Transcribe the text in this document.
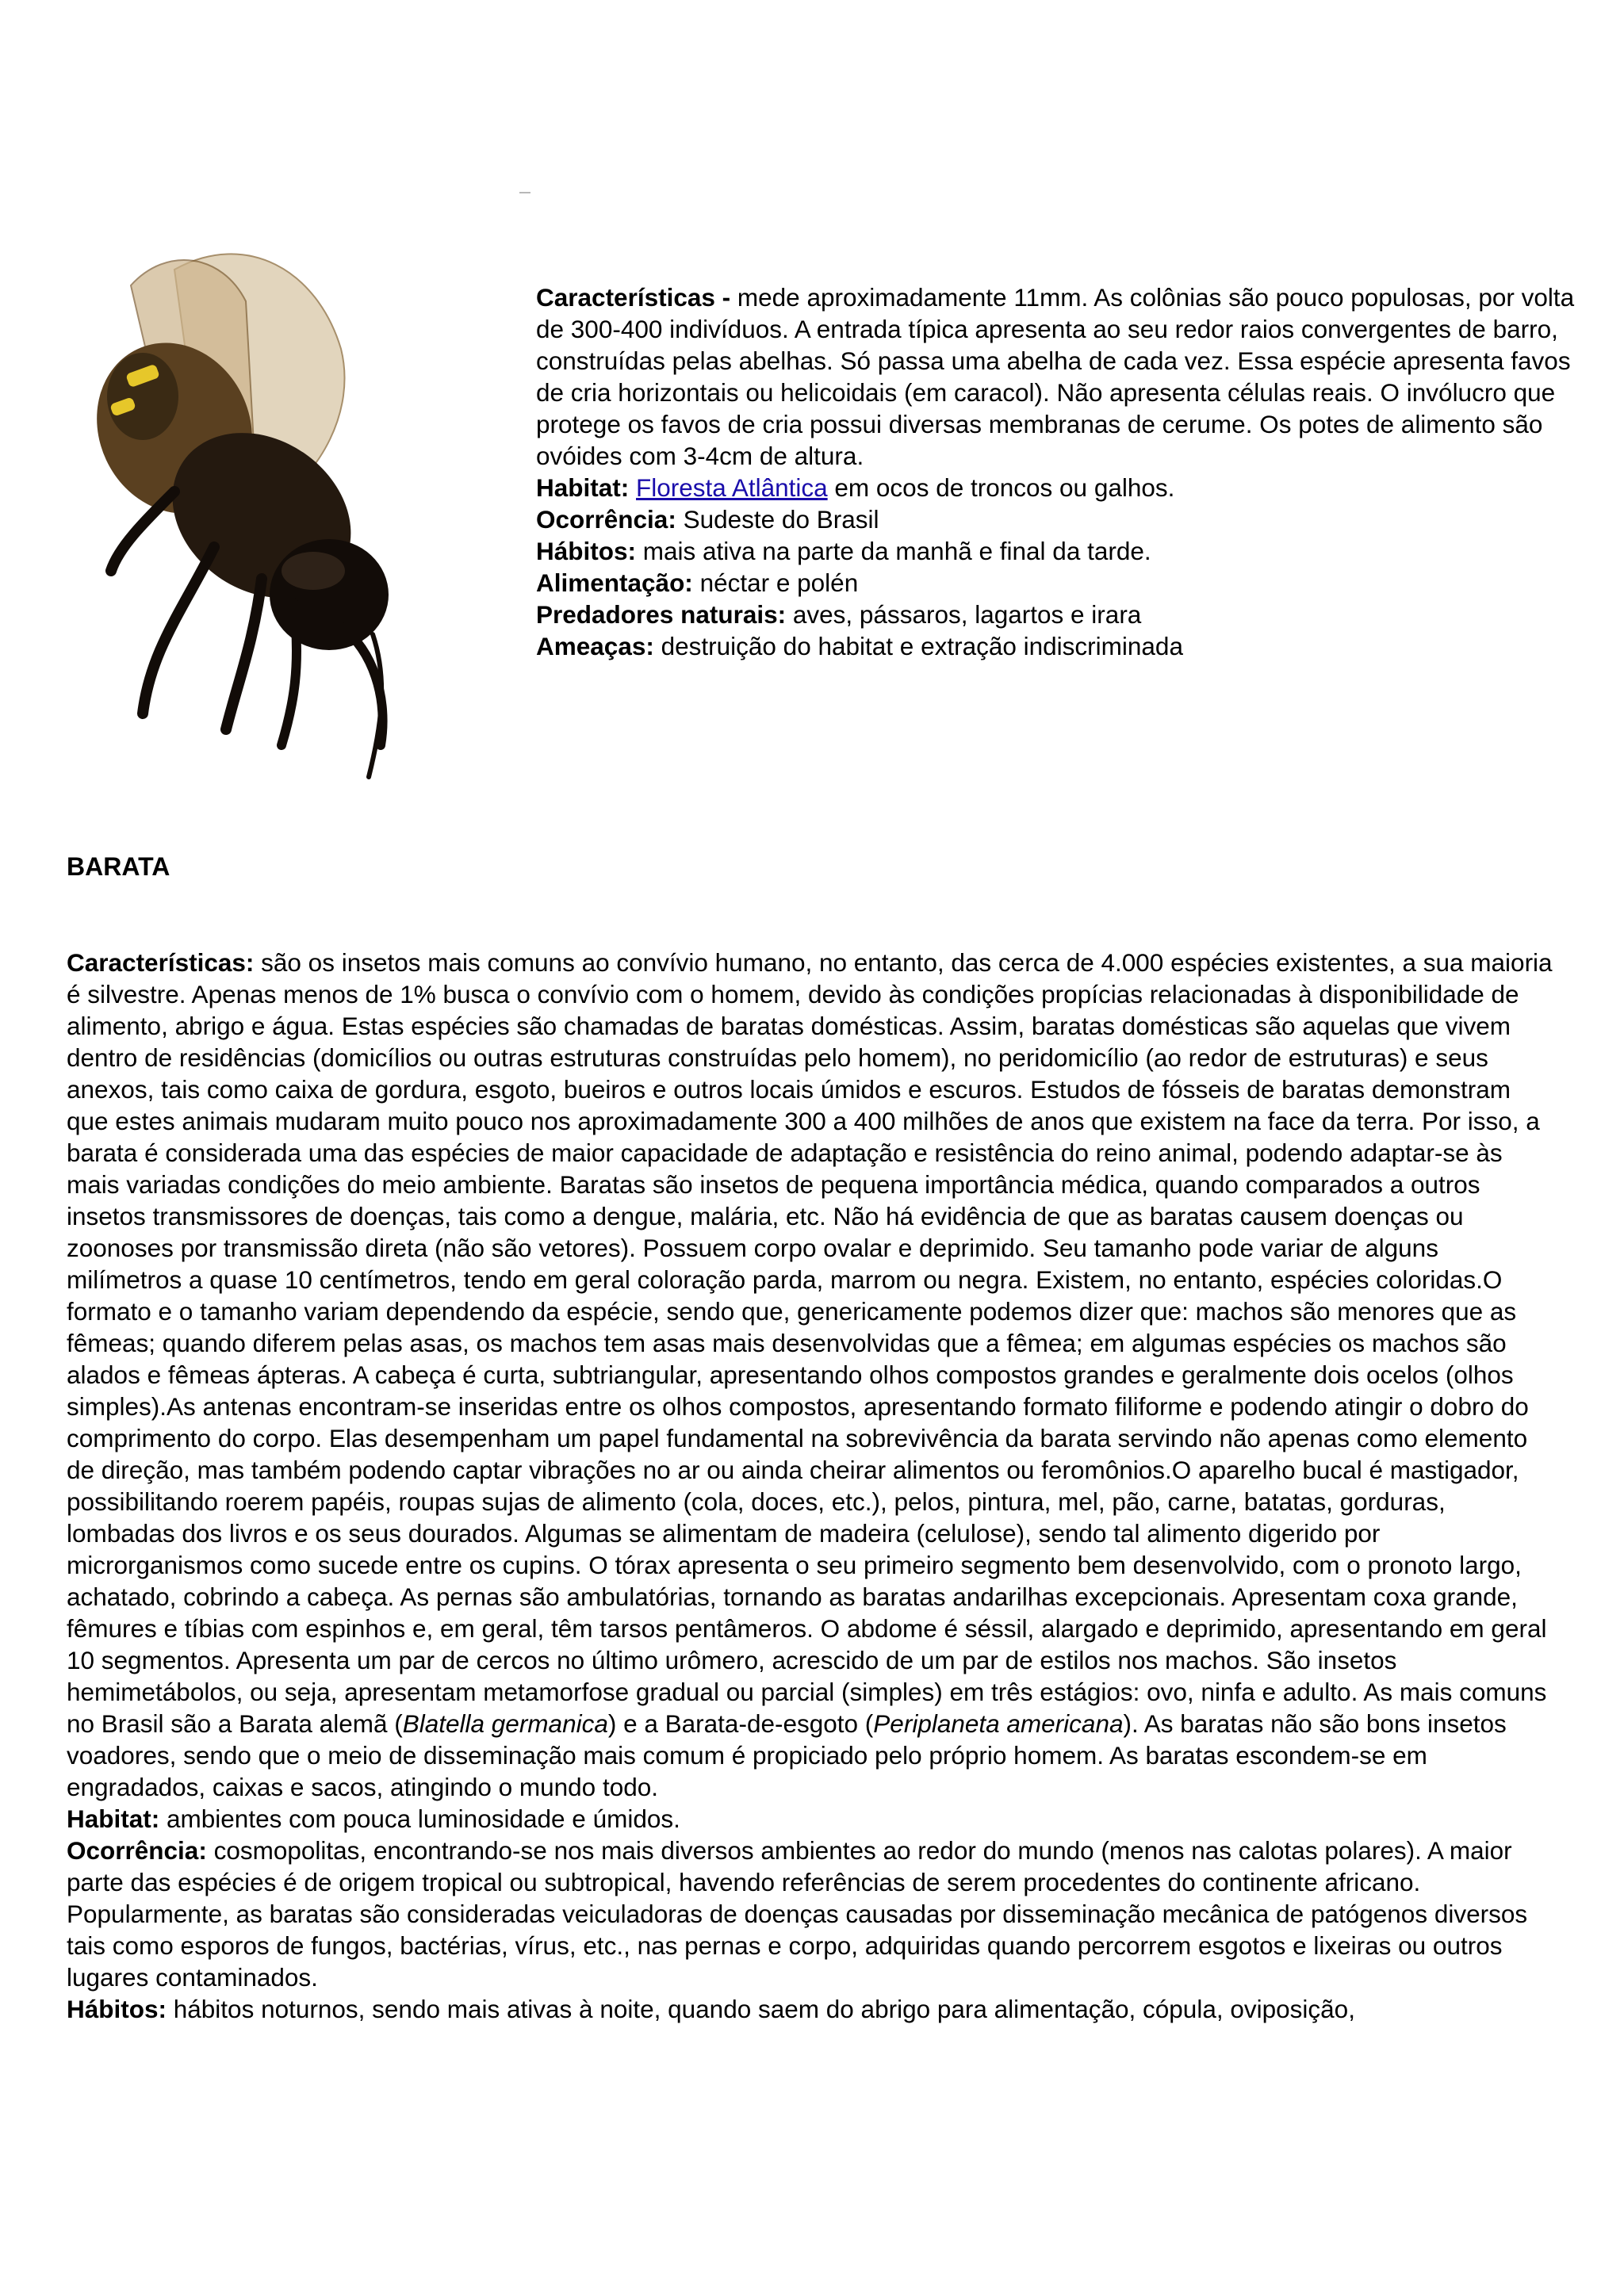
Características - mede aproximadamente 11mm. As colônias são pouco populosas, por volta de 300-400 indivíduos. A entrada típica apresenta ao seu redor raios convergentes de barro, construídas pelas abelhas. Só passa uma abelha de cada vez. Essa espécie apresenta favos de cria horizontais ou helicoidais (em caracol). Não apresenta células reais. O invólucro que protege os favos de cria possui diversas membranas de cerume. Os potes de alimento são ovóides com 3-4cm de altura.

Habitat: Floresta Atlântica em ocos de troncos ou galhos.

Ocorrência: Sudeste do Brasil

Hábitos: mais ativa na parte da manhã e final da tarde.

Alimentação: néctar e polén

Predadores naturais: aves, pássaros, lagartos e irara

Ameaças: destruição do habitat e extração indiscriminada

BARATA

Características: são os insetos mais comuns ao convívio humano, no entanto, das cerca de 4.000 espécies existentes, a sua maioria é silvestre. Apenas menos de 1% busca o convívio com o homem, devido às condições propícias relacionadas à disponibilidade de alimento, abrigo e água. Estas espécies são chamadas de baratas domésticas. Assim, baratas domésticas são aquelas que vivem dentro de residências (domicílios ou outras estruturas construídas pelo homem), no peridomicílio (ao redor de estruturas) e seus anexos, tais como caixa de gordura, esgoto, bueiros e outros locais úmidos e escuros. Estudos de fósseis de baratas demonstram que estes animais mudaram muito pouco nos aproximadamente 300 a 400 milhões de anos que existem na face da terra. Por isso, a barata é considerada uma das espécies de maior capacidade de adaptação e resistência do reino animal, podendo adaptar-se às mais variadas condições do meio ambiente. Baratas são insetos de pequena importância médica, quando comparados a outros insetos transmissores de doenças, tais como a dengue, malária, etc. Não há evidência de que as baratas causem doenças ou zoonoses por transmissão direta (não são vetores). Possuem corpo ovalar e deprimido. Seu tamanho pode variar de alguns milímetros a quase 10 centímetros, tendo em geral coloração parda, marrom ou negra. Existem, no entanto, espécies coloridas.O formato e o tamanho variam dependendo da espécie, sendo que, genericamente podemos dizer que: machos são menores que as fêmeas; quando diferem pelas asas, os machos tem asas mais desenvolvidas que a fêmea; em algumas espécies os machos são alados e fêmeas ápteras. A cabeça é curta, subtriangular, apresentando olhos compostos grandes e geralmente dois ocelos (olhos simples).As antenas encontram-se inseridas entre os olhos compostos, apresentando formato filiforme e podendo atingir o dobro do comprimento do corpo. Elas desempenham um papel fundamental na sobrevivência da barata servindo não apenas como elemento de direção, mas também podendo captar vibrações no ar ou ainda cheirar alimentos ou feromônios.O aparelho bucal é mastigador, possibilitando roerem papéis, roupas sujas de alimento (cola, doces, etc.), pelos, pintura, mel, pão, carne, batatas, gorduras, lombadas dos livros e os seus dourados. Algumas se alimentam de madeira (celulose), sendo tal alimento digerido por microrganismos como sucede entre os cupins. O tórax apresenta o seu primeiro segmento bem desenvolvido, com o pronoto largo, achatado, cobrindo a cabeça. As pernas são ambulatórias, tornando as baratas andarilhas excepcionais. Apresentam coxa grande, fêmures e tíbias com espinhos e, em geral, têm tarsos pentâmeros. O abdome é séssil, alargado e deprimido, apresentando em geral 10 segmentos. Apresenta um par de cercos no último urômero, acrescido de um par de estilos nos machos. São insetos hemimetábolos, ou seja, apresentam metamorfose gradual ou parcial (simples) em três estágios: ovo, ninfa e adulto. As mais comuns no Brasil são a Barata alemã (Blatella germanica) e a Barata-de-esgoto (Periplaneta americana). As baratas não são bons insetos voadores, sendo que o meio de disseminação mais comum é propiciado pelo próprio homem. As baratas escondem-se em engradados, caixas e sacos, atingindo o mundo todo.

Habitat: ambientes com pouca luminosidade e úmidos.

Ocorrência: cosmopolitas, encontrando-se nos mais diversos ambientes ao redor do mundo (menos nas calotas polares). A maior parte das espécies é de origem tropical ou subtropical, havendo referências de serem procedentes do continente africano. Popularmente, as baratas são consideradas veiculadoras de doenças causadas por disseminação mecânica de patógenos diversos tais como esporos de fungos, bactérias, vírus, etc., nas pernas e corpo, adquiridas quando percorrem esgotos e lixeiras ou outros lugares contaminados.

Hábitos: hábitos noturnos, sendo mais ativas à noite, quando saem do abrigo para alimentação, cópula, oviposição,
